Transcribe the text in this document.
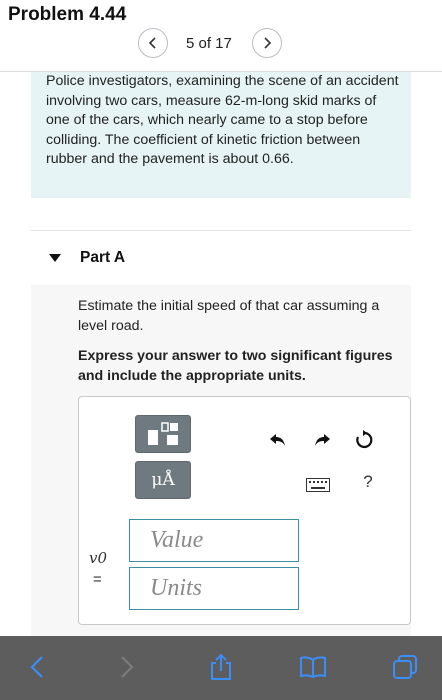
Problem 4.44
5 of 17

Police investigators, examining the scene of an accident involving two cars, measure 62-m-long skid marks of one of the cars, which nearly came to a stop before colliding. The coefficient of kinetic friction between rubber and the pavement is about 0.66.

Part A

Estimate the initial speed of that car assuming a level road.

Express your answer to two significant figures and include the appropriate units.

μÅ	?
v0
=
Value
Units
